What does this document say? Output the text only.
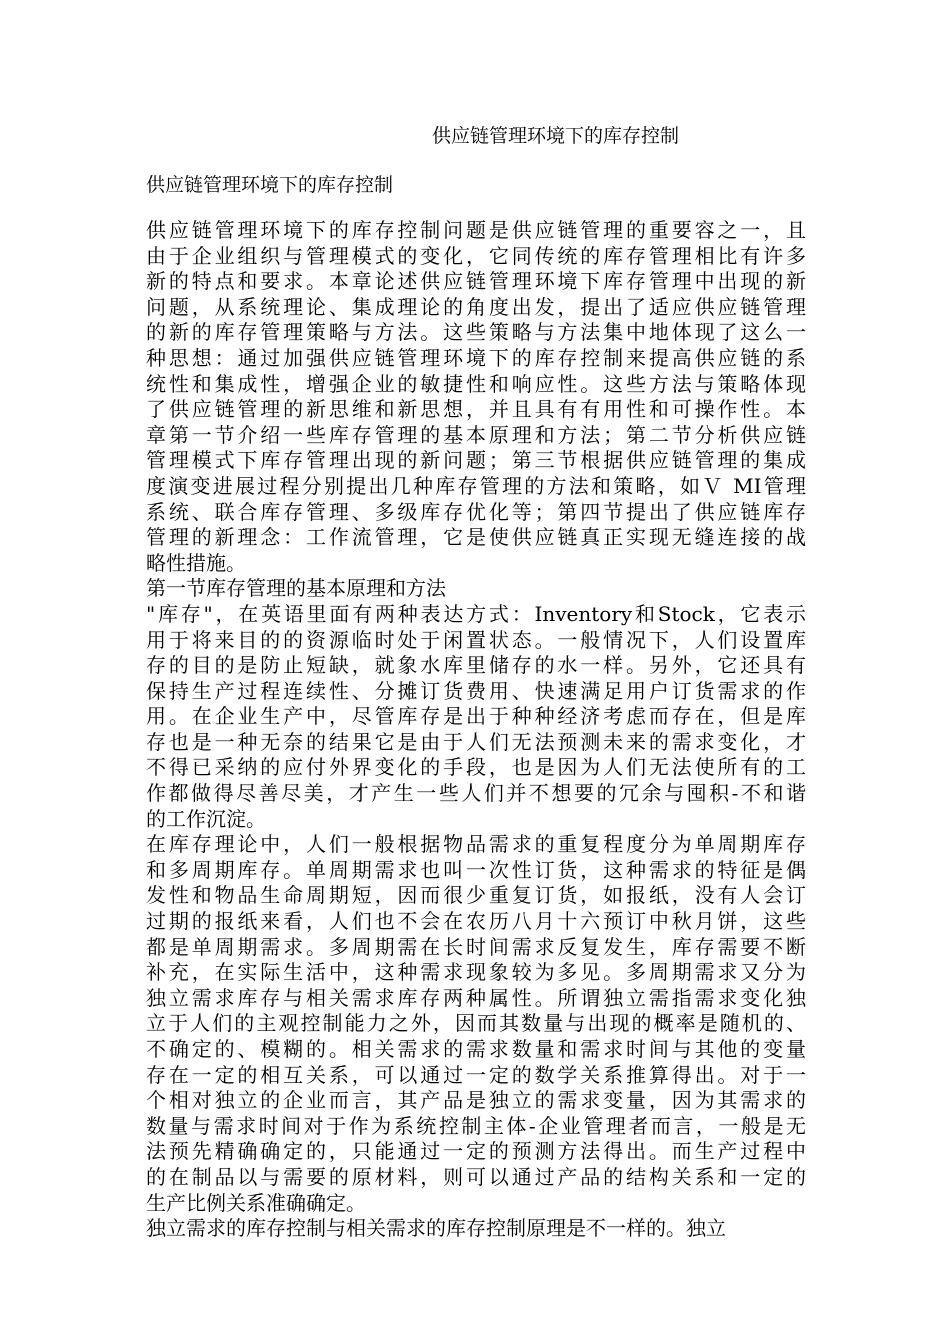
供应链管理环境下的库存控制
供应链管理环境下的库存控制
供应链管理环境下的库存控制问题是供应链管理的重要容之一，且
由于企业组织与管理模式的变化，它同传统的库存管理相比有许多
新的特点和要求。本章论述供应链管理环境下库存管理中出现的新
问题，从系统理论、集成理论的角度出发，提出了适应供应链管理
的新的库存管理策略与方法。这些策略与方法集中地体现了这么一
种思想：通过加强供应链管理环境下的库存控制来提高供应链的系
统性和集成性，增强企业的敏捷性和响应性。这些方法与策略体现
了供应链管理的新思维和新思想，并且具有有用性和可操作性。本
章第一节介绍一些库存管理的基本原理和方法；第二节分析供应链
管理模式下库存管理出现的新问题；第三节根据供应链管理的集成
度演变进展过程分别提出几种库存管理的方法和策略，如Ｖ MI管理
系统、联合库存管理、多级库存优化等；第四节提出了供应链库存
管理的新理念：工作流管理，它是使供应链真正实现无缝连接的战
略性措施。
第一节库存管理的基本原理和方法
"库存"，在英语里面有两种表达方式：Inventory和Stock，它表示
用于将来目的的资源临时处于闲置状态。一般情况下，人们设置库
存的目的是防止短缺，就象水库里储存的水一样。另外，它还具有
保持生产过程连续性、分摊订货费用、快速满足用户订货需求的作
用。在企业生产中，尽管库存是出于种种经济考虑而存在，但是库
存也是一种无奈的结果它是由于人们无法预测未来的需求变化，才
不得已采纳的应付外界变化的手段，也是因为人们无法使所有的工
作都做得尽善尽美，才产生一些人们并不想要的冗余与囤积-不和谐
的工作沉淀。
在库存理论中，人们一般根据物品需求的重复程度分为单周期库存
和多周期库存。单周期需求也叫一次性订货，这种需求的特征是偶
发性和物品生命周期短，因而很少重复订货，如报纸，没有人会订
过期的报纸来看，人们也不会在农历八月十六预订中秋月饼，这些
都是单周期需求。多周期需在长时间需求反复发生，库存需要不断
补充，在实际生活中，这种需求现象较为多见。多周期需求又分为
独立需求库存与相关需求库存两种属性。所谓独立需指需求变化独
立于人们的主观控制能力之外，因而其数量与出现的概率是随机的、
不确定的、模糊的。相关需求的需求数量和需求时间与其他的变量
存在一定的相互关系，可以通过一定的数学关系推算得出。对于一
个相对独立的企业而言，其产品是独立的需求变量，因为其需求的
数量与需求时间对于作为系统控制主体-企业管理者而言，一般是无
法预先精确确定的，只能通过一定的预测方法得出。而生产过程中
的在制品以与需要的原材料，则可以通过产品的结构关系和一定的
生产比例关系准确确定。
独立需求的库存控制与相关需求的库存控制原理是不一样的。独立
